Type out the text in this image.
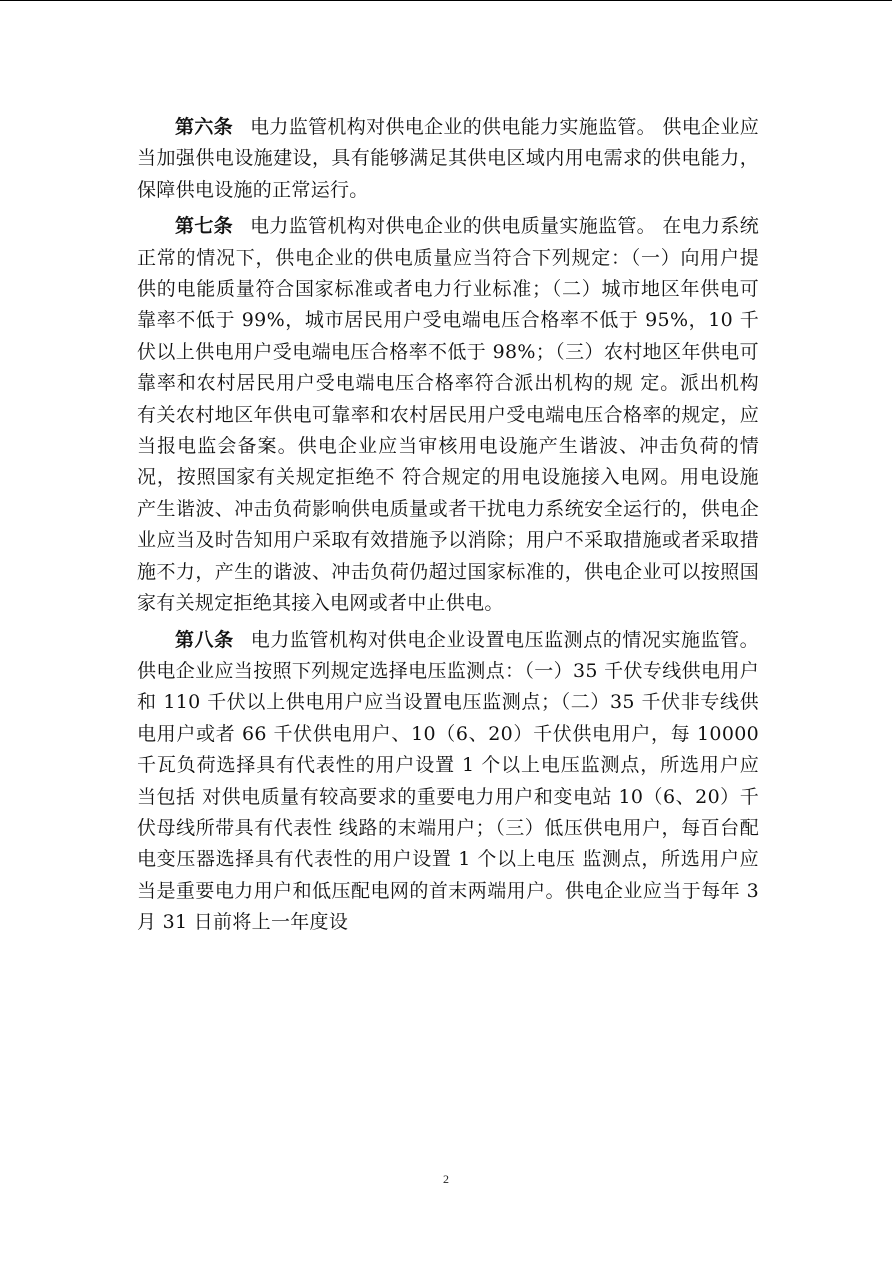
第六条 电力监管机构对供电企业的供电能力实施监管。 供电企业应当加强供电设施建设，具有能够满足其供电区域内用电需求的供电能力，保障供电设施的正常运行。

第七条 电力监管机构对供电企业的供电质量实施监管。 在电力系统正常的情况下，供电企业的供电质量应当符合下列规定：（一）向用户提供的电能质量符合国家标准或者电力行业标准；（二）城市地区年供电可靠率不低于 99%，城市居民用户受电端电压合格率不低于 95%，10 千伏以上供电用户受电端电压合格率不低于 98%；（三）农村地区年供电可靠率和农村居民用户受电端电压合格率符合派出机构的规 定。派出机构有关农村地区年供电可靠率和农村居民用户受电端电压合格率的规定，应当报电监会备案。供电企业应当审核用电设施产生谐波、冲击负荷的情况，按照国家有关规定拒绝不 符合规定的用电设施接入电网。用电设施产生谐波、冲击负荷影响供电质量或者干扰电力系统安全运行的，供电企业应当及时告知用户采取有效措施予以消除；用户不采取措施或者采取措施不力，产生的谐波、冲击负荷仍超过国家标准的，供电企业可以按照国 家有关规定拒绝其接入电网或者中止供电。

第八条 电力监管机构对供电企业设置电压监测点的情况实施监管。 供电企业应当按照下列规定选择电压监测点：（一）35 千伏专线供电用户和 110 千伏以上供电用户应当设置电压监测点；（二）35 千伏非专线供电用户或者 66 千伏供电用户、10（6、20）千伏供电用户，每 10000 千瓦负荷选择具有代表性的用户设置 1 个以上电压监测点，所选用户应当包括 对供电质量有较高要求的重要电力用户和变电站 10（6、20）千伏母线所带具有代表性 线路的末端用户；（三）低压供电用户，每百台配电变压器选择具有代表性的用户设置 1 个以上电压 监测点，所选用户应当是重要电力用户和低压配电网的首末两端用户。供电企业应当于每年 3 月 31 日前将上一年度设

2
